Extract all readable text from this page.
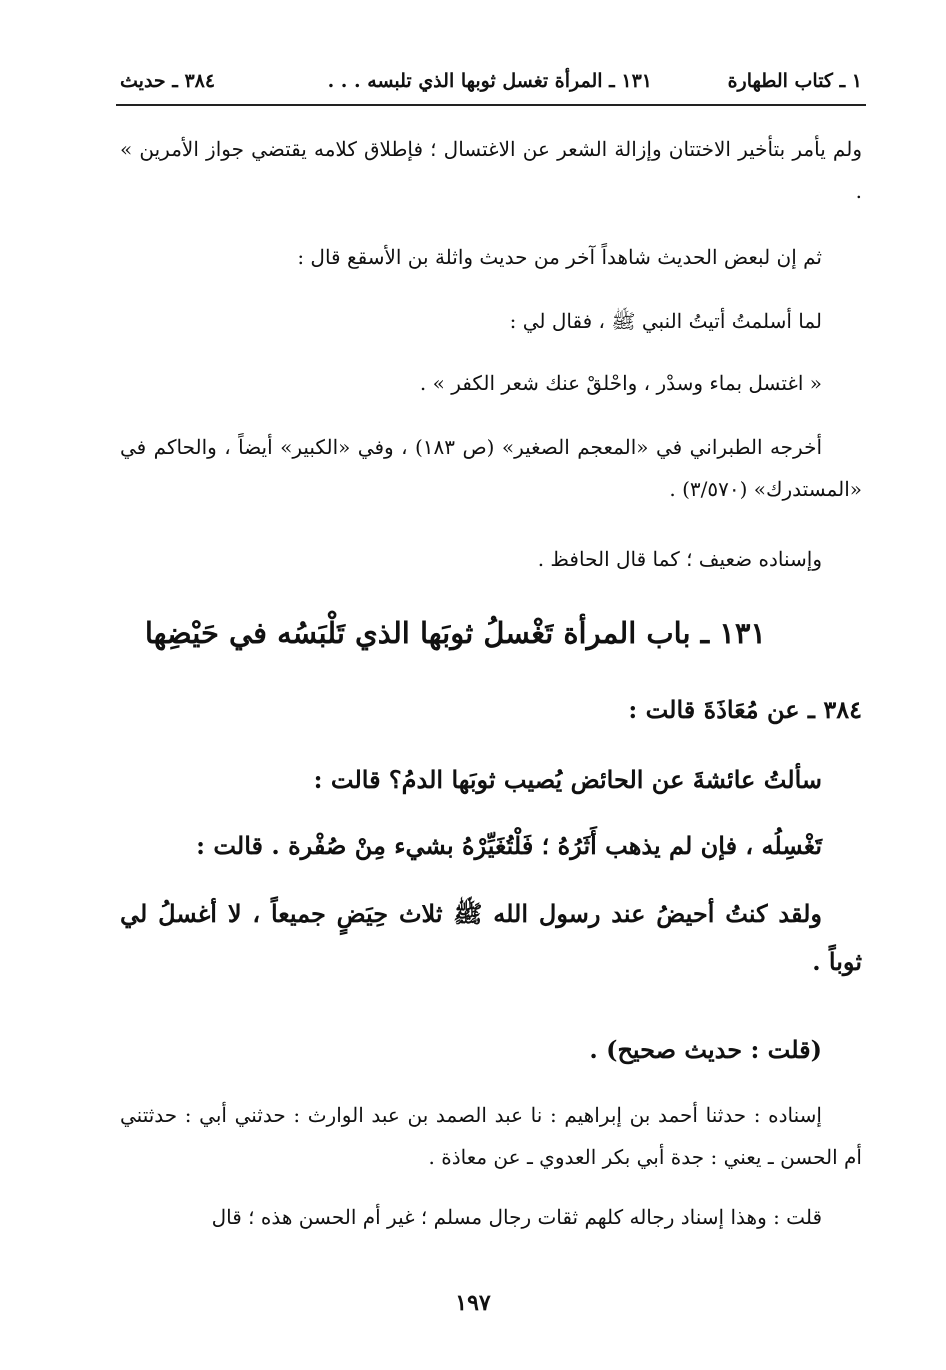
١ ـ كتاب الطهارة
١٣١ ـ المرأة تغسل ثوبها الذي تلبسه . . .
٣٨٤ ـ حديث
ولم يأمر بتأخير الاختتان وإزالة الشعر عن الاغتسال ؛ فإطلاق كلامه يقتضي جواز الأمرين » .
ثم إن لبعض الحديث شاهداً آخر من حديث واثلة بن الأسقع قال :
لما أسلمتُ أتيتُ النبي ﷺ ، فقال لي :
« اغتسل بماء وسدْر ، واحْلقْ عنك شعر الكفر » .
أخرجه الطبراني في «المعجم الصغير» (ص ١٨٣) ، وفي «الكبير» أيضاً ، والحاكم في «المستدرك» (٣/٥٧٠) .
وإسناده ضعيف ؛ كما قال الحافظ .
١٣١ ـ باب المرأة تَغْسلُ ثوبَها الذي تَلْبَسُه في حَيْضِها
٣٨٤ ـ عن مُعَاذَةَ قالت :
سألتُ عائشةَ عن الحائض يُصيب ثوبَها الدمُ؟ قالت :
تَغْسِلُه ، فإن لم يذهب أَثَرُهُ ؛ فَلْتُغَيِّرْهُ بشيء مِنْ صُفْرة . قالت :
ولقد كنتُ أحيضُ عند رسول الله ﷺ ثلاث حِيَضٍ جميعاً ، لا أغسلُ لي ثوباً .
(قلت : حديث صحيح) .
إسناده : حدثنا أحمد بن إبراهيم : نا عبد الصمد بن عبد الوارث : حدثني أبي : حدثتني أم الحسن ـ يعني : جدة أبي بكر العدوي ـ عن معاذة .
قلت : وهذا إسناد رجاله كلهم ثقات رجال مسلم ؛ غير أم الحسن هذه ؛ قال
١٩٧
